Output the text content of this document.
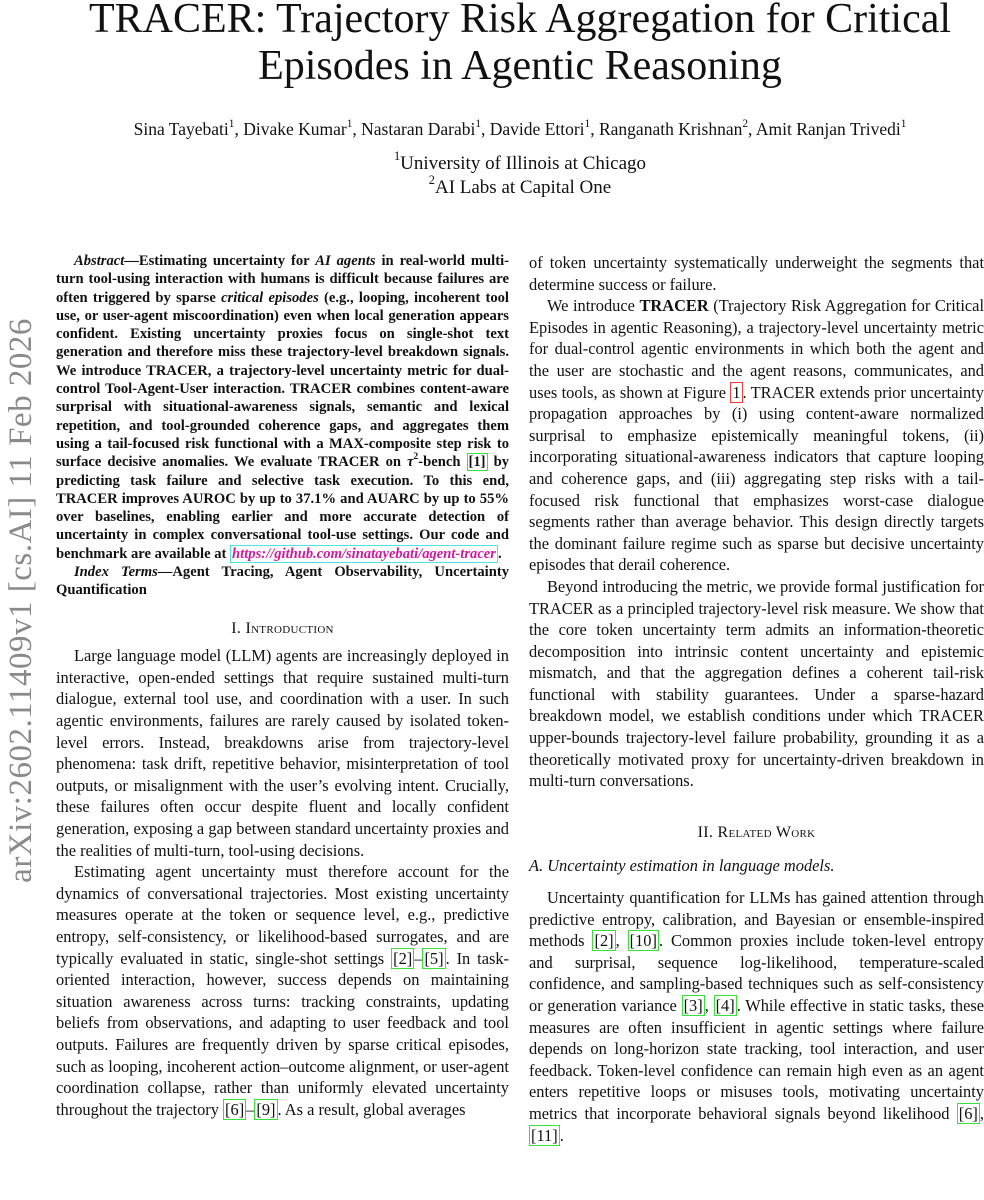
arXiv:2602.11409v1 [cs.AI] 11 Feb 2026
TRACER: Trajectory Risk Aggregation for Critical Episodes in Agentic Reasoning
Sina Tayebati$^1$, Divake Kumar$^1$, Nastaran Darabi$^1$, Davide Ettori$^1$, Ranganath Krishnan$^2$, Amit Ranjan Trivedi$^1$
$^1$University of Illinois at Chicago
$^2$AI Labs at Capital One

Abstract—Estimating uncertainty for AI agents in real-world multi-turn tool-using interaction with humans is difficult because failures are often triggered by sparse critical episodes (e.g., looping, incoherent tool use, or user-agent miscoordination) even when local generation appears confident. Existing uncertainty proxies focus on single-shot text generation and therefore miss these trajectory-level breakdown signals. We introduce TRACER, a trajectory-level uncertainty metric for dual-control Tool-Agent-User interaction. TRACER combines content-aware surprisal with situational-awareness signals, semantic and lexical repetition, and tool-grounded coherence gaps, and aggregates them using a tail-focused risk functional with a MAX-composite step risk to surface decisive anomalies. We evaluate TRACER on $\tau^2$-bench [1] by predicting task failure and selective task execution. To this end, TRACER improves AUROC by up to 37.1% and AUARC by up to 55% over baselines, enabling earlier and more accurate detection of uncertainty in complex conversational tool-use settings. Our code and benchmark are available at https://github.com/sinatayebati/agent-tracer .

Index Terms—Agent Tracing, Agent Observability, Uncertainty Quantification

I. Introduction

Large language model (LLM) agents are increasingly deployed in interactive, open-ended settings that require sustained multi-turn dialogue, external tool use, and coordination with a user. In such agentic environments, failures are rarely caused by isolated token-level errors. Instead, breakdowns arise from trajectory-level phenomena: task drift, repetitive behavior, misinterpretation of tool outputs, or misalignment with the user’s evolving intent. Crucially, these failures often occur despite fluent and locally confident generation, exposing a gap between standard uncertainty proxies and the realities of multi-turn, tool-using decisions.

Estimating agent uncertainty must therefore account for the dynamics of conversational trajectories. Most existing uncertainty measures operate at the token or sequence level, e.g., predictive entropy, self-consistency, or likelihood-based surrogates, and are typically evaluated in static, single-shot settings [2] – [5] . In task-oriented interaction, however, success depends on maintaining situation awareness across turns: tracking constraints, updating beliefs from observations, and adapting to user feedback and tool outputs. Failures are frequently driven by sparse critical episodes, such as looping, incoherent action–outcome alignment, or user-agent coordination collapse, rather than uniformly elevated uncertainty throughout the trajectory [6] – [9] . As a result, global averages

of token uncertainty systematically underweight the segments that determine success or failure.

We introduce TRACER (Trajectory Risk Aggregation for Critical Episodes in agentic Reasoning), a trajectory-level uncertainty metric for dual-control agentic environments in which both the agent and the user are stochastic and the agent reasons, communicates, and uses tools, as shown at Figure 1 . TRACER extends prior uncertainty propagation approaches by (i) using content-aware normalized surprisal to emphasize epistemically meaningful tokens, (ii) incorporating situational-awareness indicators that capture looping and coherence gaps, and (iii) aggregating step risks with a tail-focused risk functional that emphasizes worst-case dialogue segments rather than average behavior. This design directly targets the dominant failure regime such as sparse but decisive uncertainty episodes that derail coherence.

Beyond introducing the metric, we provide formal justification for TRACER as a principled trajectory-level risk measure. We show that the core token uncertainty term admits an information-theoretic decomposition into intrinsic content uncertainty and epistemic mismatch, and that the aggregation defines a coherent tail-risk functional with stability guarantees. Under a sparse-hazard breakdown model, we establish conditions under which TRACER upper-bounds trajectory-level failure probability, grounding it as a theoretically motivated proxy for uncertainty-driven breakdown in multi-turn conversations.

II. Related Work
A. Uncertainty estimation in language models.

Uncertainty quantification for LLMs has gained attention through predictive entropy, calibration, and Bayesian or ensemble-inspired methods [2] , [10] . Common proxies include token-level entropy and surprisal, sequence log-likelihood, temperature-scaled confidence, and sampling-based techniques such as self-consistency or generation variance [3] , [4] . While effective in static tasks, these measures are often insufficient in agentic settings where failure depends on long-horizon state tracking, tool interaction, and user feedback. Token-level confidence can remain high even as an agent enters repetitive loops or misuses tools, motivating uncertainty metrics that incorporate behavioral signals beyond likelihood [6] , [11] .
